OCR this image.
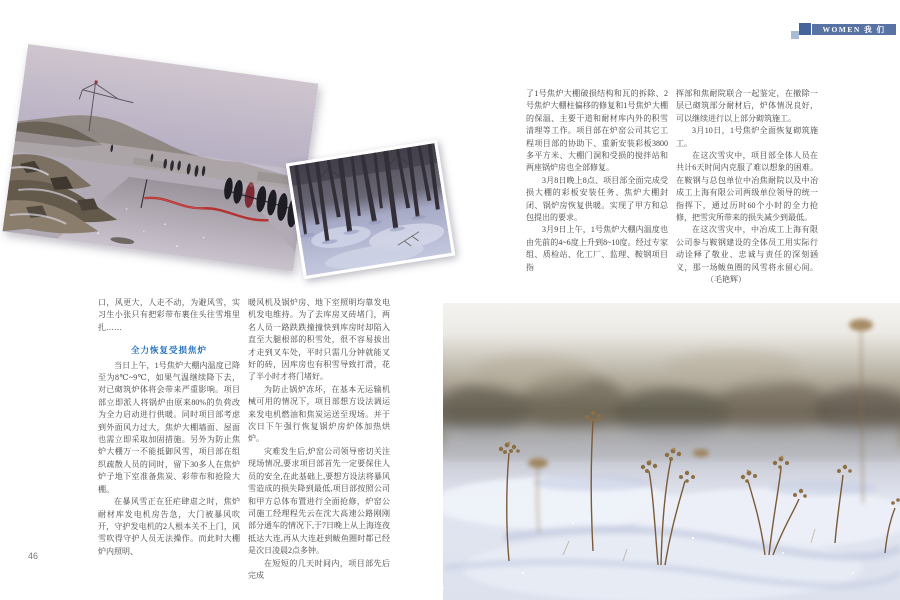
WOMEN 我 们

口，风更大，人走不动，为避风雪，实习生小张只有把彩带布裹住头往雪堆里扎……

全力恢复受损焦炉

当日上午，1号焦炉大棚内温度已降至为8℃~9℃，如果气温继续降下去，对已砌筑炉体将会带来严重影响。项目部立即派人将锅炉由原来80%的负荷改为全力启动进行供暖。同时项目部考虑到外面风力过大，焦炉大棚墙面、屋面也需立即采取加固措施。另外为防止焦炉大棚万一不能抵御风雪，项目部在组织疏散人员的同时，留下30多人在焦炉炉子地下室准备焦炭、彩带布和抢险大棚。

在暴风雪正在狂疟肆虐之时，焦炉耐材库发电机房告急，大门被暴风吹开，守护发电机的2人根本关不上门，风雪吹得守护人员无法操作。而此时大棚炉内照明、

暖风机及锅炉房、地下室照明均靠发电机发电维持。为了去库房叉砖堵门，两名人员一路跌跌撞撞快到库房时却陷入直至大腿根部的积雪处，很不容易拔出才走到叉车处，平时只需几分钟就能叉好的砖，因库房也有积雪导致打滑，花了半小时才将门堵好。

为防止锅炉冻坏，在基本无运输机械可用的情况下，项目部想方设法调运来发电机燃油和焦炭运送至现场。并于次日下午强行恢复锅炉房炉体加热烘炉。

灾难发生后,炉窑公司领导密切关注现场情况,要求项目部首先一定要保住人员的安全,在此基础上,要想方设法将暴风雪造成的损失降到最低,项目部按照公司和甲方总体布置进行全面抢修，炉窑公司施工经理程先云在沈大高速公路刚刚部分通车的情况下,于7日晚上从上海连夜抵达大连,再从大连赶到鲅鱼圈时都已经是次日凌晨2点多钟。

在短短的几天时间内，项目部先后完成

了1号焦炉大棚破损结构和瓦的拆除、2号焦炉大棚柱偏移的修复和1号焦炉大棚的保温、主要干道和耐材库内外的积雪清理等工作。项目部在炉窑公司其它工程项目部的协助下、重新安装彩板3800多平方米、大棚门洞和受损的搅拌站和两座锅炉房也全部修复。

3月8日晚上8点、项目部全面完成受损大棚的彩板安装任务、焦炉大棚封闭、锅炉房恢复供暖。实现了甲方和总包提出的要求。

3月9日上午，1号焦炉大棚内温度也由先前的4~6度上升到8~10度。经过专家组、质检站、化工厂、监理、鞍钢项目指

挥部和焦耐院联合一起鉴定，在撤除一层已砌筑部分耐材后，炉体情况良好，可以继续进行以上部分砌筑施工。

3月10日，1号焦炉全面恢复砌筑施工。

在这次雪灾中，项目部全体人员在共计6天时间内克服了难以想象的困难。在鞍钢与总包单位中冶焦耐院以及中冶成工上海有限公司两级单位领导的统一指挥下，通过历时60个小时的全力抢修，把雪灾所带来的损失减少到最低。

在这次雪灾中，中冶成工上海有限公司参与鞍钢建设的全体员工用实际行动诠释了敬业、忠诚与责任的深刻涵义，那一场鲅鱼圈的风雪将永留心间。（毛艳辉）

46
